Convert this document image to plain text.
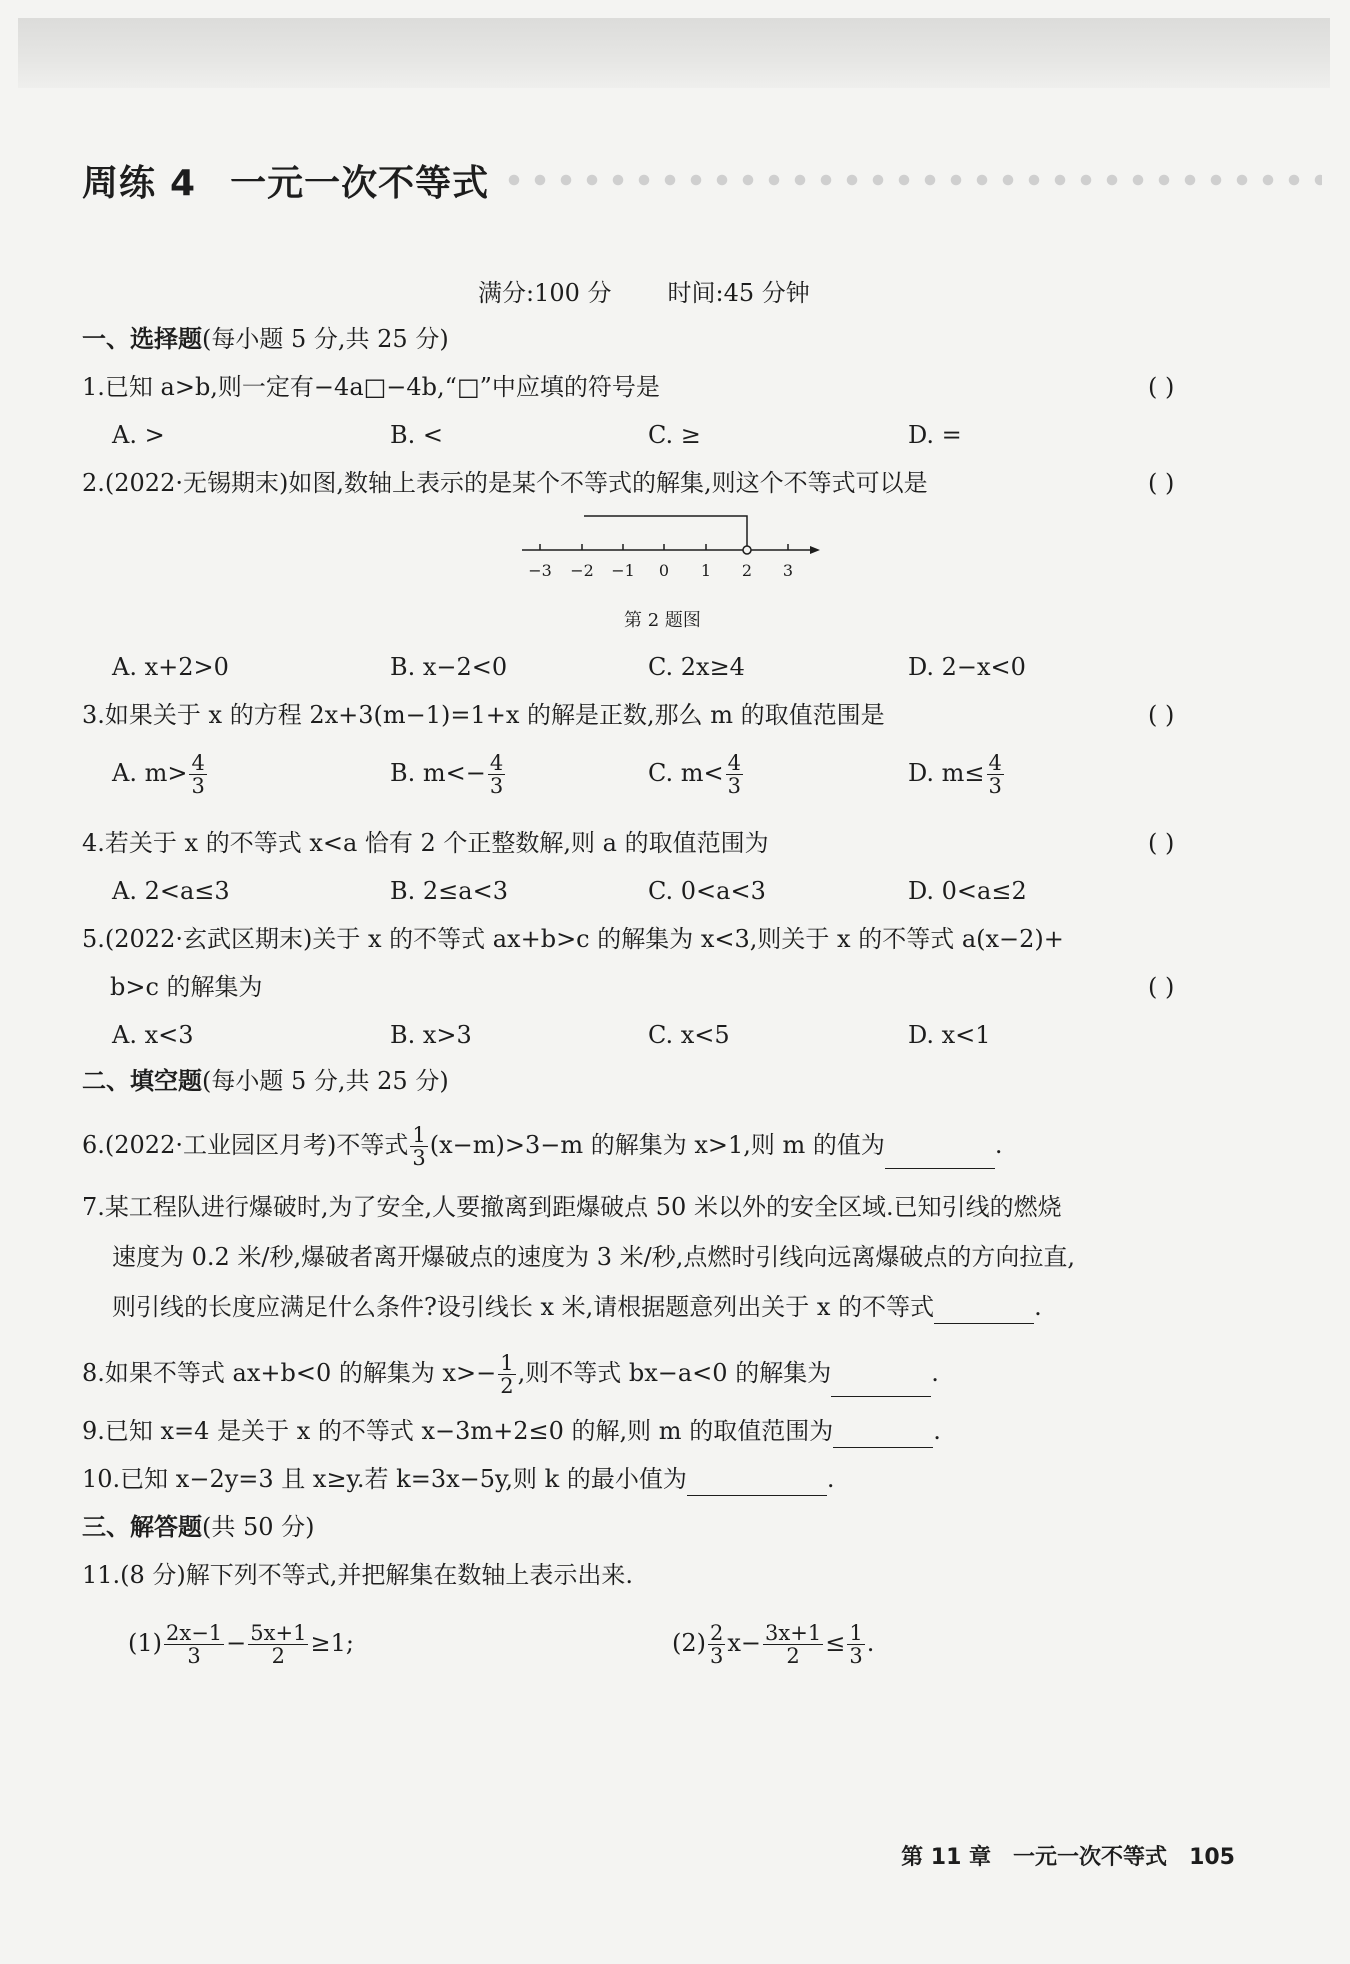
周练 4 一元一次不等式
满分:100 分 时间:45 分钟
一、选择题(每小题 5 分,共 25 分)
1.已知 a>b,则一定有−4a□−4b,“□”中应填的符号是	( )
A. >	B. <	C. ≥	D. =
2.(2022·无锡期末)如图,数轴上表示的是某个不等式的解集,则这个不等式可以是	( )
−3 −2 −1 0 1 2 3
第 2 题图
A. x+2>0	B. x−2<0	C. 2x≥4	D. 2−x<0
3.如果关于 x 的方程 2x+3(m−1)=1+x 的解是正数,那么 m 的取值范围是	( )
A. $m> \frac{4}{3}$	B. $m<- \frac{4}{3}$	C. $m< \frac{4}{3}$	D. $m\le \frac{4}{3}$
4.若关于 x 的不等式 x<a 恰有 2 个正整数解,则 a 的取值范围为	( )
A. 2<a≤3	B. 2≤a<3	C. 0<a<3	D. 0<a≤2
5.(2022·玄武区期末)关于 x 的不等式 ax+b>c 的解集为 x<3,则关于 x 的不等式 a(x−2)+
b>c 的解集为	( )
A. x<3	B. x>3	C. x<5	D. x<1
二、填空题(每小题 5 分,共 25 分)
6.(2022·工业园区月考)不等式 $\frac{1}{3} (x-m)>3-m$ 的解集为 x>1,则 m 的值为	.
7.某工程队进行爆破时,为了安全,人要撤离到距爆破点 50 米以外的安全区域.已知引线的燃烧
速度为 0.2 米/秒,爆破者离开爆破点的速度为 3 米/秒,点燃时引线向远离爆破点的方向拉直,
则引线的长度应满足什么条件?设引线长 x 米,请根据题意列出关于 x 的不等式	.
8.如果不等式 ax+b<0 的解集为 $x>- \frac{1}{2}$ ,则不等式 bx−a<0 的解集为	.
9.已知 x=4 是关于 x 的不等式 x−3m+2≤0 的解,则 m 的取值范围为	.
10.已知 x−2y=3 且 x≥y.若 k=3x−5y,则 k 的最小值为	.
三、解答题(共 50 分)
11.(8 分)解下列不等式,并把解集在数轴上表示出来.
$(1) \frac{2x-1}{3} - \frac{5x+1}{2} \ge 1$;	$(2) \frac{2}{3} x- \frac{3x+1}{2} \le \frac{1}{3}$ .
第 11 章 一元一次不等式 105
